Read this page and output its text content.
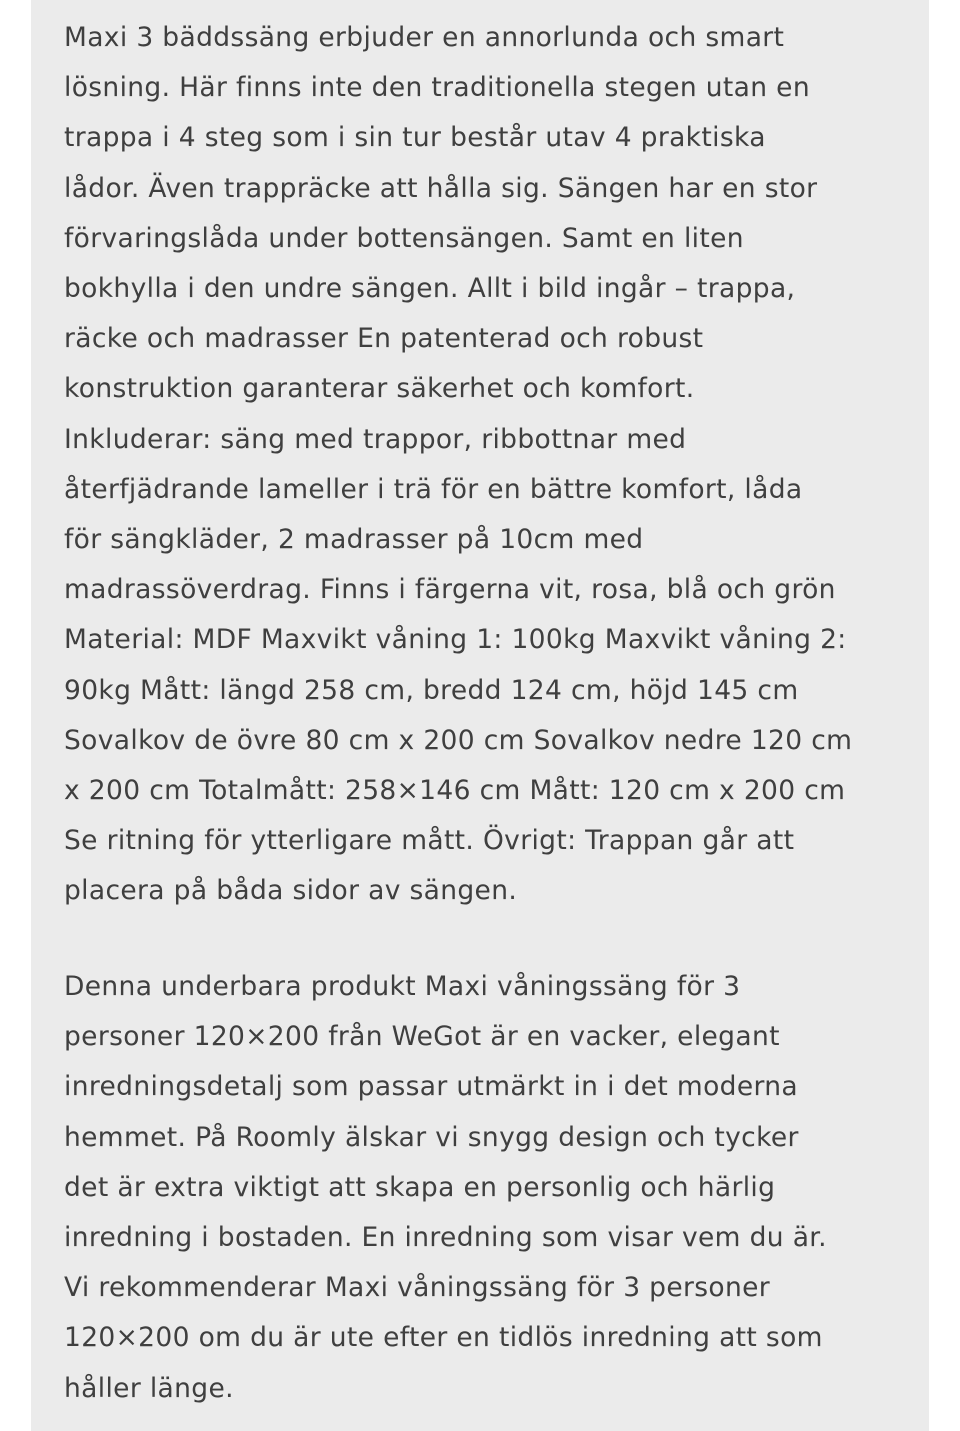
Maxi 3 bäddssäng erbjuder en annorlunda och smart
lösning. Här finns inte den traditionella stegen utan en
trappa i 4 steg som i sin tur består utav 4 praktiska
lådor. Även trappräcke att hålla sig. Sängen har en stor
förvaringslåda under bottensängen. Samt en liten
bokhylla i den undre sängen. Allt i bild ingår – trappa,
räcke och madrasser En patenterad och robust
konstruktion garanterar säkerhet och komfort.
Inkluderar: säng med trappor, ribbottnar med
återfjädrande lameller i trä för en bättre komfort, låda
för sängkläder, 2 madrasser på 10cm med
madrassöverdrag. Finns i färgerna vit, rosa, blå och grön
Material: MDF Maxvikt våning 1: 100kg Maxvikt våning 2:
90kg Mått: längd 258 cm, bredd 124 cm, höjd 145 cm
Sovalkov de övre 80 cm x 200 cm Sovalkov nedre 120 cm
x 200 cm Totalmått: 258×146 cm Mått: 120 cm x 200 cm
Se ritning för ytterligare mått. Övrigt: Trappan går att
placera på båda sidor av sängen.

Denna underbara produkt Maxi våningssäng för 3
personer 120×200 från WeGot är en vacker, elegant
inredningsdetalj som passar utmärkt in i det moderna
hemmet. På Roomly älskar vi snygg design och tycker
det är extra viktigt att skapa en personlig och härlig
inredning i bostaden. En inredning som visar vem du är.
Vi rekommenderar Maxi våningssäng för 3 personer
120×200 om du är ute efter en tidlös inredning att som
håller länge.
